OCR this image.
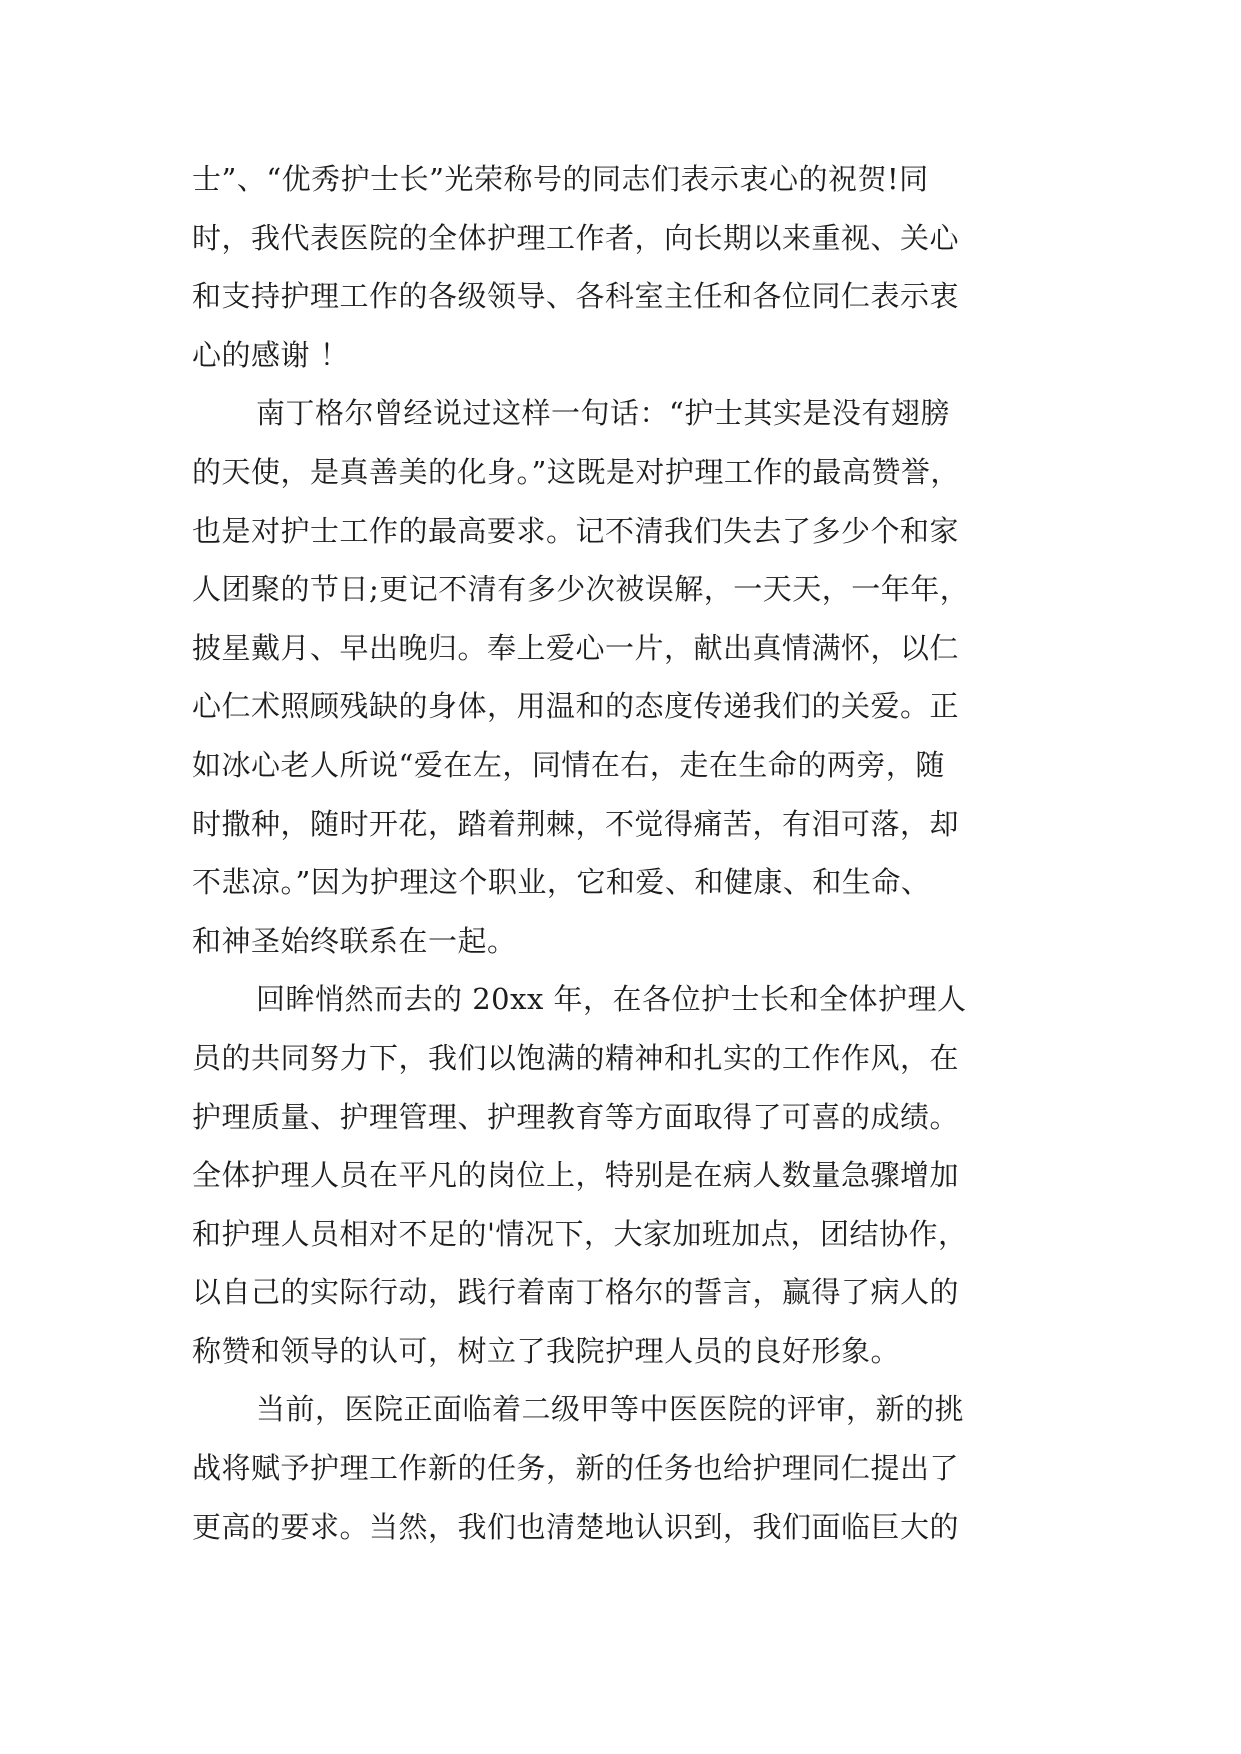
士”、“优秀护士长”光荣称号的同志们表示衷心的祝贺!同
时，我代表医院的全体护理工作者，向长期以来重视、关心
和支持护理工作的各级领导、各科室主任和各位同仁表示衷
心的感谢 ！
南丁格尔曾经说过这样一句话：“护士其实是没有翅膀
的天使，是真善美的化身。”这既是对护理工作的最高赞誉，
也是对护士工作的最高要求。记不清我们失去了多少个和家
人团聚的节日;更记不清有多少次被误解，一天天，一年年，
披星戴月、早出晚归。奉上爱心一片，献出真情满怀，以仁
心仁术照顾残缺的身体，用温和的态度传递我们的关爱。正
如冰心老人所说“爱在左，同情在右，走在生命的两旁，随
时撒种，随时开花，踏着荆棘，不觉得痛苦，有泪可落，却
不悲凉。”因为护理这个职业，它和爱、和健康、和生命、
和神圣始终联系在一起。
回眸悄然而去的 20xx 年，在各位护士长和全体护理人
员的共同努力下，我们以饱满的精神和扎实的工作作风，在
护理质量、护理管理、护理教育等方面取得了可喜的成绩。
全体护理人员在平凡的岗位上，特别是在病人数量急骤增加
和护理人员相对不足的'情况下，大家加班加点，团结协作，
以自己的实际行动，践行着南丁格尔的誓言，赢得了病人的
称赞和领导的认可，树立了我院护理人员的良好形象。
当前，医院正面临着二级甲等中医医院的评审，新的挑
战将赋予护理工作新的任务，新的任务也给护理同仁提出了
更高的要求。当然，我们也清楚地认识到，我们面临巨大的
